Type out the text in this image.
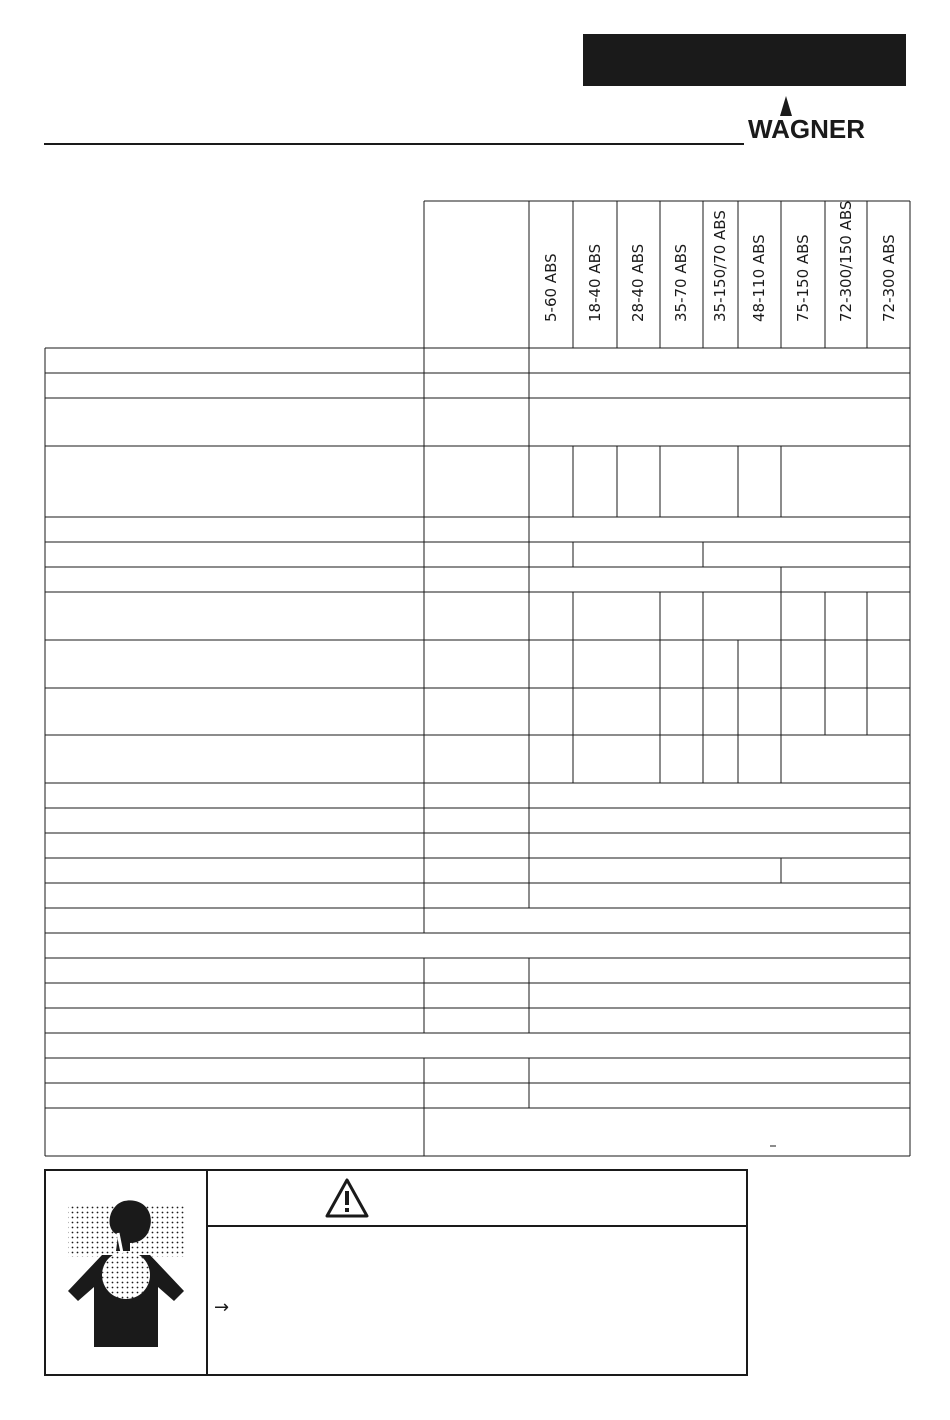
WAGNER
5-60 ABS 18-40 ABS 28-40 ABS 35-70 ABS 35-150/70 ABS 48-110 ABS 75-150 ABS 72-300/150 ABS 72-300 ABS
→
